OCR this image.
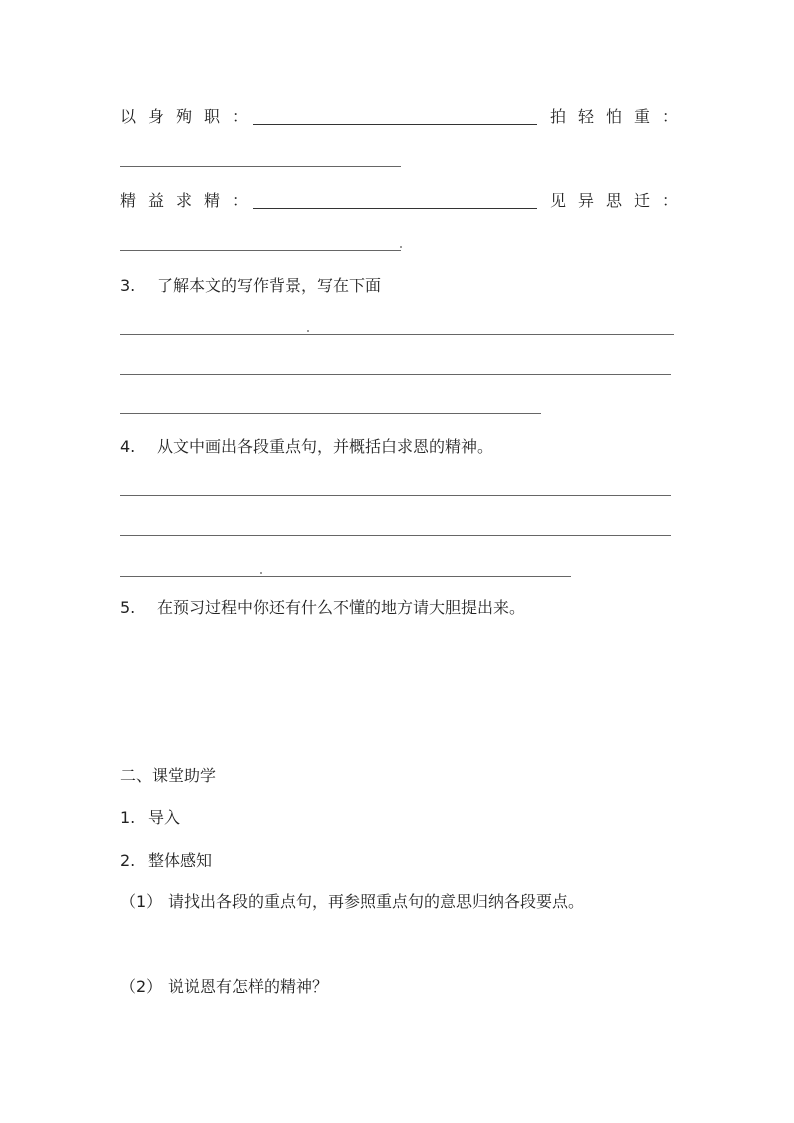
以身殉职：	拍轻怕重：
精益求精：	见异思迁：
3. 了解本文的写作背景，写在下面
4. 从文中画出各段重点句，并概括白求恩的精神。
5. 在预习过程中你还有什么不懂的地方请大胆提出来。
二、课堂助学
1. 导入
2. 整体感知
（1） 请找出各段的重点句，再参照重点句的意思归纳各段要点。
（2） 说说恩有怎样的精神？
